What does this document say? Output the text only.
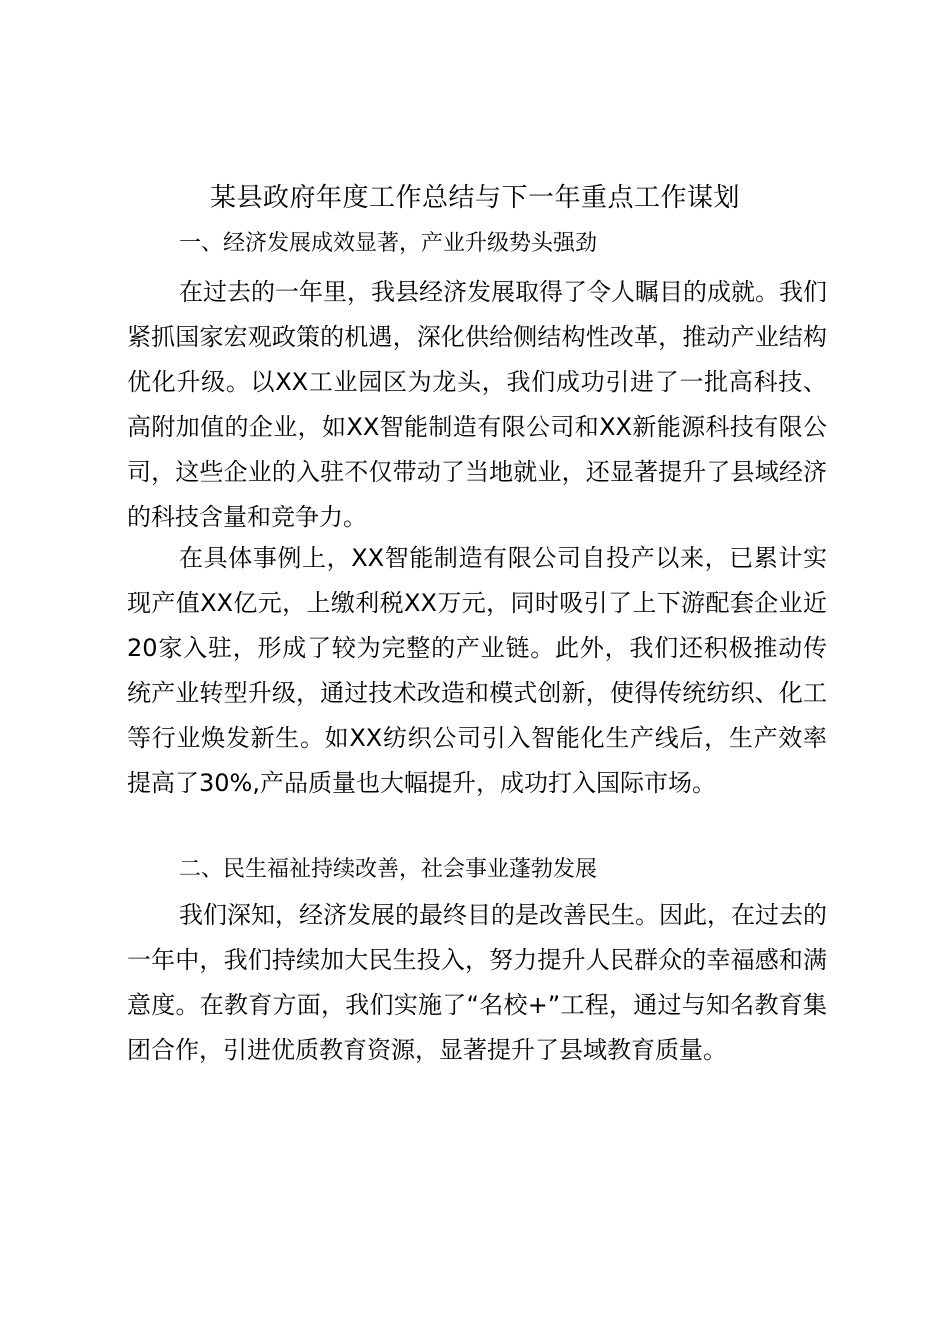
某县政府年度工作总结与下一年重点工作谋划
一、经济发展成效显著，产业升级势头强劲

在过去的一年里，我县经济发展取得了令人瞩目的成就。我们紧抓国家宏观政策的机遇，深化供给侧结构性改革，推动产业结构优化升级。以XX工业园区为龙头，我们成功引进了一批高科技、高附加值的企业，如XX智能制造有限公司和XX新能源科技有限公司，这些企业的入驻不仅带动了当地就业，还显著提升了县域经济的科技含量和竞争力。

在具体事例上，XX智能制造有限公司自投产以来，已累计实现产值XX亿元，上缴利税XX万元，同时吸引了上下游配套企业近20家入驻，形成了较为完整的产业链。此外，我们还积极推动传统产业转型升级，通过技术改造和模式创新，使得传统纺织、化工等行业焕发新生。如XX纺织公司引入智能化生产线后，生产效率提高了30%,产品质量也大幅提升，成功打入国际市场。

二、民生福祉持续改善，社会事业蓬勃发展

我们深知，经济发展的最终目的是改善民生。因此，在过去的一年中，我们持续加大民生投入，努力提升人民群众的幸福感和满意度。在教育方面，我们实施了“名校+”工程，通过与知名教育集团合作，引进优质教育资源，显著提升了县域教育质量。
